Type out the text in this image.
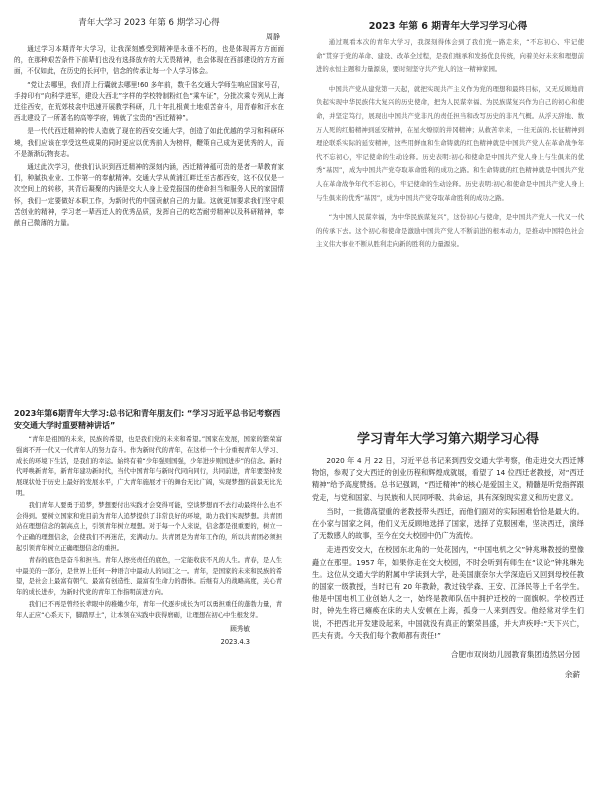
青年大学习 2023 年第 6 期学习心得
周静

通过学习本期青年大学习，让我深刻感受到精神是永垂不朽的，也是体现再方方面面的，在那种艰苦条件下前辈们也没有选择放弃的大无畏精神，也会体现在西部建设的方方面面，不仅如此，在历史的长河中，信念的传承让每一个人学习体会。

“党让去哪里，我们背上行囊就去哪里!60 多年前，数千名交通大学师生响应国家号召，手持印有“向科学进军，建设大西北”字样的学校特制粉红色“乘车证”，分批次乘专列从上海迁往西安，在荒郊枝衾中迅速开展教学科研，几十年扎根黄土地艰苦奋斗，用青春和汗水在西北建设了一所著名的高等学府，铸就了宝贵的“西迁精神”。

是一代代西迁精神的传人造就了现在的西安交通大学，创造了如此优越的学习和科研环境，我们应该在享受这些成果的同时更应以优秀前人为榜样，鞭策自己成为更优秀的人，而不是渐渐玩物丧志。

通过此次学习，使我们认识到西迁精神的深刻内涵，西迁精神蕴可贵的是者一辈教育家们，种腻执业业、工作第一的奉献精神。交通大学从黄浦江畔迁至古都西安，这不仅仅是一次空间上的转移，其背后凝聚的内涵是交大人身上爱党报国的使命担当和服务人民的家国情怀，我们一定要做好本职工作，为新时代的中国贡献自己的力量。这就更加要求我们坚守艰苦创业的精神，学习老一辈西迁人的优秀品质，发挥自己的吃苦耐劳精神以及科研精神，奉献自己微薄的力量。

2023 年第 6 期青年大学习学习心得

通过观看本次的青年大学习，我深刻得体会到了我们党一路走来，“不忘初心、牢记使命”贯穿于党的革命、建设、改革全过程，是我们继承和发扬优良传统，向着美好未来和理想前进的永恒主题和力量源泉，要时刻坚守共产党人的这一精神家园。

中国共产党从建党第一天起，就把实现共产主义作为党的理想和最终目标，又无反顾地肩负起实现中华民族伟大复兴的历史使命，把为人民谋幸福、为民族谋复兴作为自己的初心和使命，并坚定笃行，展现出中国共产党非凡的责任担当和改写历史的非凡气概。从浮天辞地、数万人死的红船精神到延安精神，在星火燎原的井冈精神；从救苦幸来，一往无前的,长征精神到理论联系实际的延安精神，这些用鲜血和生命铸就的红色精神就是中国共产党人在革命战争年代不忘初心，牢记使命的生动诠释。历史表明:初心和使命是中国共产党人身上与生俱来的优秀“基因”，成为中国共产党夺取革命胜利的成功之路。和生命铸就的红色精神就是中国共产党人在革命战争年代不忘初心，牢记使命的生动诠释。历史表明:初心和使命是中国共产党人身上与生俱来的优秀“基因”，成为中国共产党夺取革命胜利的成功之路。

“为中国人民谋幸福，为中华民族谋复兴”，这份初心与使命，是中国共产党人一代又一代的传承下去。这个初心和使命是激励中国共产党人不断前进的根本动力，是推动中国特色社会主义伟大事业不断从胜利走向新的胜利的力量源泉。

2023年第6期青年大学习:总书记和青年朋友们: “学习习近平总书记考察西安交通大学时重要精神讲话”

“青年是祖国的未来，民族的希望，也是我们党的未来和希望。”国家在发展，国家的繁荣富强离不开一代又一代青年人的努力奋斗。作为新时代的青年，在这样一个十分重视青年人学习、成长的环境下生活，是我们的幸运。始终有着“少年强则国强，少年进步则国进步”的信念。新时代呼唤新青年，新青年建功新时代，当代中国青年与新时代同向同行，共同前进，青年要坚持发展现状处于历史上最好的发展水平，广大青年施展才干的舞台无比广阔，实现梦想的前景无比光明。

我们青年人要勇于追梦，梦想要付出实践才会变得可能，空谈梦想而不去行动最终什么也不会得到。要树立国家和党目前为青年人追梦提供了非常良好的环境，助力我们实现梦想。共青团站在理想信念的制高点上，引领青年树立理想。对于每一个人来说，信念都是很重要的，树立一个正确的理想信念，会使我们不再迷茫，充满动力。共青团是为青年工作的，所以共青团必须担起引领青年树立正确理想信念的重担。

青春的底色是奋斗和担当。青年人擦亮责任的底色，一定能收获不凡的人生。青春，是人生中最美的一部分，是世界上任何一种语言中最动人的词汇之一。青年，是国家的未来和民族的希望，是社会上最富有朝气、最富有创造性、最富有生命力的群体。后继有人的战略高度，关心青年的成长进步，为新时代党的青年工作指明前进方向。

我们已不再是曾经长辈眼中的稚嫩少年，青年一代逐步成长为可以勇担重任的蓬勃力量，青年人正应“心系天下，脚踏厚土”，让本领在实践中获得磨砺，让理想在初心中生根发芽。

顾秀敏
2023.4.3
学习青年大学习第六期学习心得

2020 年 4 月 22 日，习近平总书记来到西安交通大学考察，他走进交大西迁博物馆，参观了交大西迁的创业历程和辉煌成就展，看望了 14 位西迁老教授，对“西迁精神”给予高度赞扬。总书记强调，“西迁精神”的核心是爱国主义，精髓是听党指挥跟党走，与党和国家、与民族和人民同呼吸、共命运，具有深刻现实意义和历史意义。

当时，一批德高望重的老教授带头西迁，而他们面对的实际困难恰恰是最大的。在小家与国家之间，他们义无反顾地选择了国家，选择了克服困难，坚决西迁，演绎了无数感人的故事，至今在交大校园中仍广为流传。

走进西安交大，在校园东北角的一处花园内，“中国电机之父”钟兆琳教授的塑像矗立在那里。1957 年，如果你走在交大校园，不时会听到有师生在“议论”钟兆琳先生。这位从交通大学的附属中学读到大学，赴美国康奈尔大学深造后又回到母校任教的国家一级教授，当时已有 20 年教龄，教过钱学森、王安、江泽民等上千名学生。他是中国电机工业创始人之一，始终是教师队伍中拥护迁校的一面旗帜。学校西迁时，钟先生将已瘫痪在床的夫人安顿在上海，孤身一人来到西安。他经常对学生们说，不把西北开发建设起来，中国就没有真正的繁荣昌盛，并大声疾呼:“天下兴亡，匹夫有责。今天我们每个教师都有责任!”

合肥市双岗幼儿园教育集团逍然居分园
余薪
